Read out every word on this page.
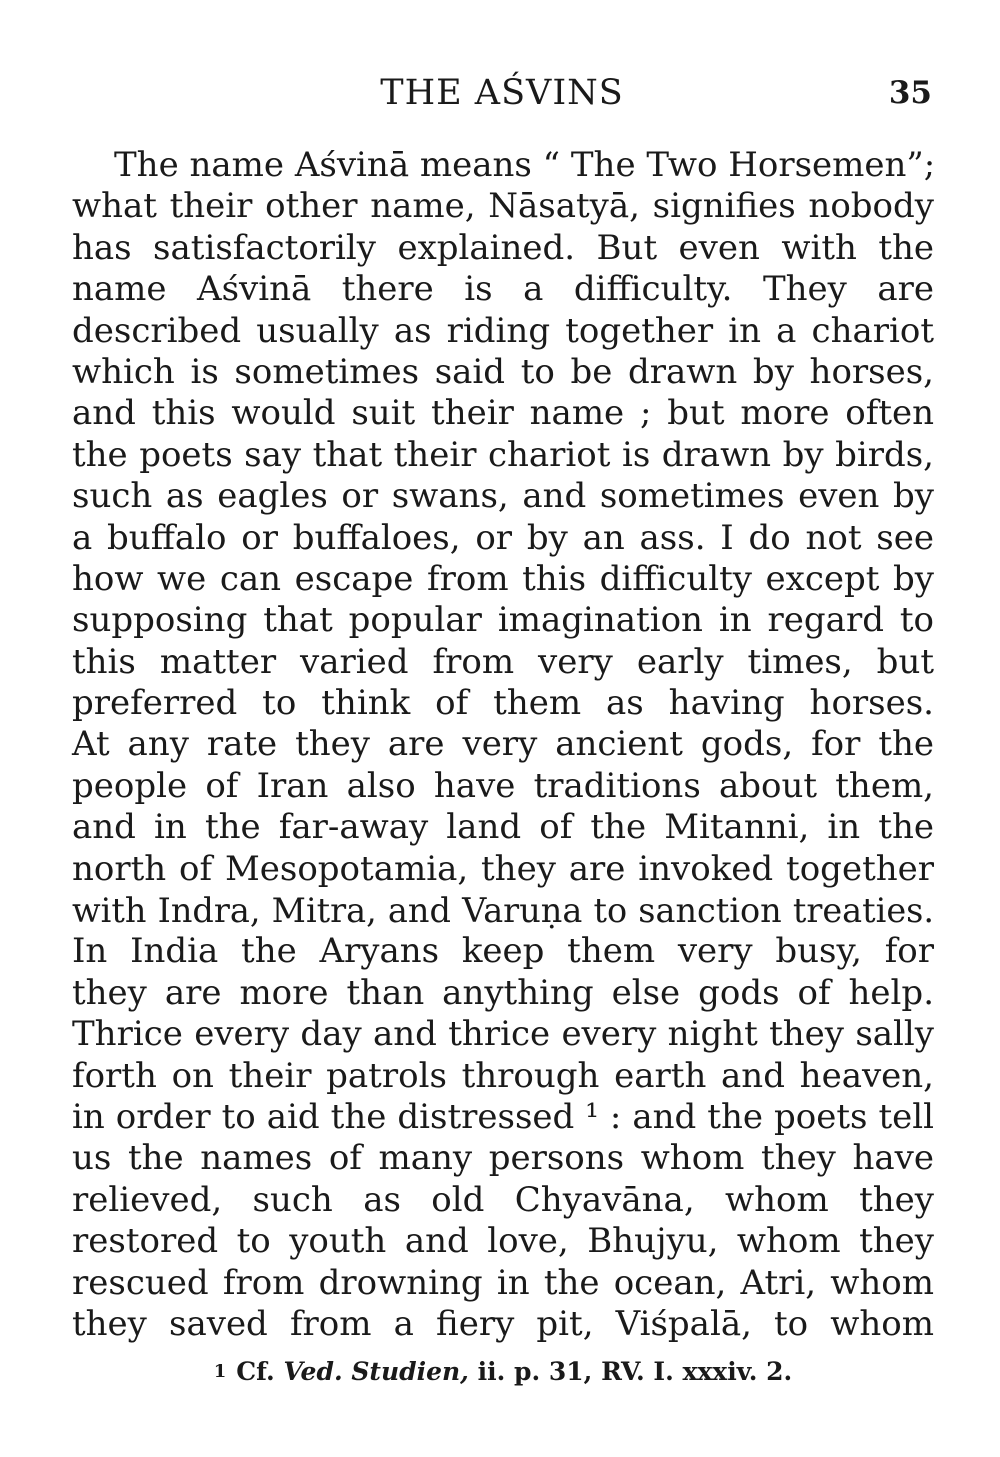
THE AŚVINS	35
The name Aśvinā means “ The Two Horsemen”;
what their other name, Nāsatyā, signifies nobody
has satisfactorily explained. But even with the
name Aśvinā there is a difficulty. They are
described usually as riding together in a chariot
which is sometimes said to be drawn by horses,
and this would suit their name ; but more often
the poets say that their chariot is drawn by birds,
such as eagles or swans, and sometimes even by
a buffalo or buffaloes, or by an ass. I do not see
how we can escape from this difficulty except by
supposing that popular imagination in regard to
this matter varied from very early times, but
preferred to think of them as having horses.
At any rate they are very ancient gods, for the
people of Iran also have traditions about them,
and in the far-away land of the Mitanni, in the
north of Mesopotamia, they are invoked together
with Indra, Mitra, and Varuṇa to sanction treaties.
In India the Aryans keep them very busy, for
they are more than anything else gods of help.
Thrice every day and thrice every night they sally
forth on their patrols through earth and heaven,
in order to aid the distressed ¹ : and the poets tell
us the names of many persons whom they have
relieved, such as old Chyavāna, whom they
restored to youth and love, Bhujyu, whom they
rescued from drowning in the ocean, Atri, whom
they saved from a fiery pit, Viśpalā, to whom
1 Cf. Ved. Studien, ii. p. 31, RV. I. xxxiv. 2.
